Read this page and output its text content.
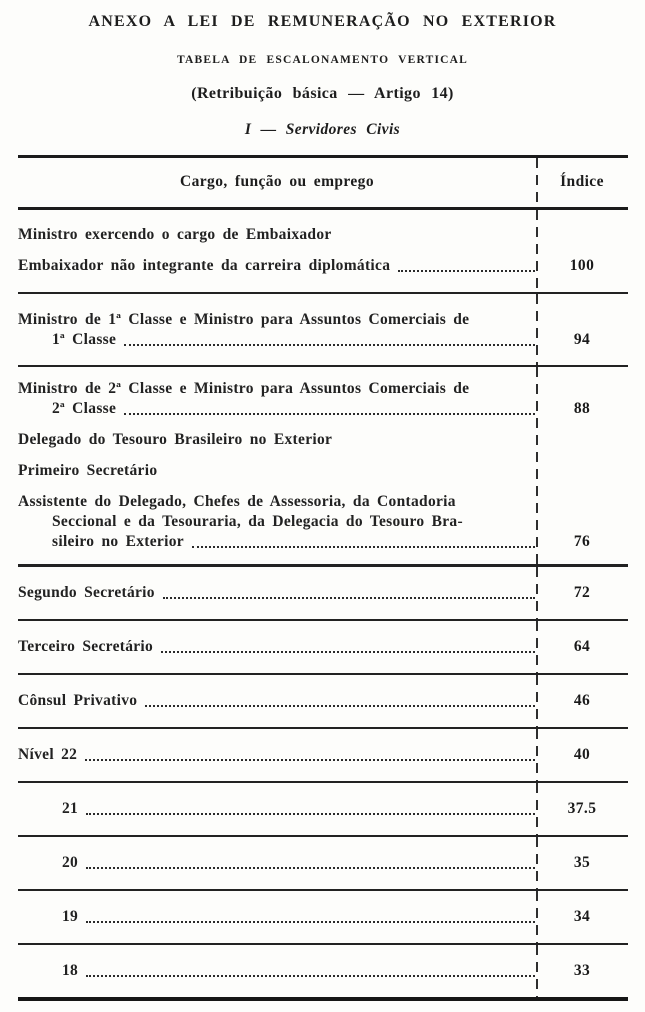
ANEXO A LEI DE REMUNERAÇÃO NO EXTERIOR
TABELA DE ESCALONAMENTO VERTICAL
(Retribuição básica — Artigo 14)
I — Servidores Civis
Cargo, função ou emprego	Índice
Ministro exercendo o cargo de Embaixador
Embaixador não integrante da carreira diplomática	100
Ministro de 1ª Classe e Ministro para Assuntos Comerciais de
1ª Classe	94
Ministro de 2ª Classe e Ministro para Assuntos Comerciais de
2ª Classe	88
Delegado do Tesouro Brasileiro no Exterior
Primeiro Secretário
Assistente do Delegado, Chefes de Assessoria, da Contadoria
Seccional e da Tesouraria, da Delegacia do Tesouro Bra-
sileiro no Exterior	76
Segundo Secretário	72
Terceiro Secretário	64
Cônsul Privativo	46
Nível 22	40
21	37.5
20	35
19	34
18	33
